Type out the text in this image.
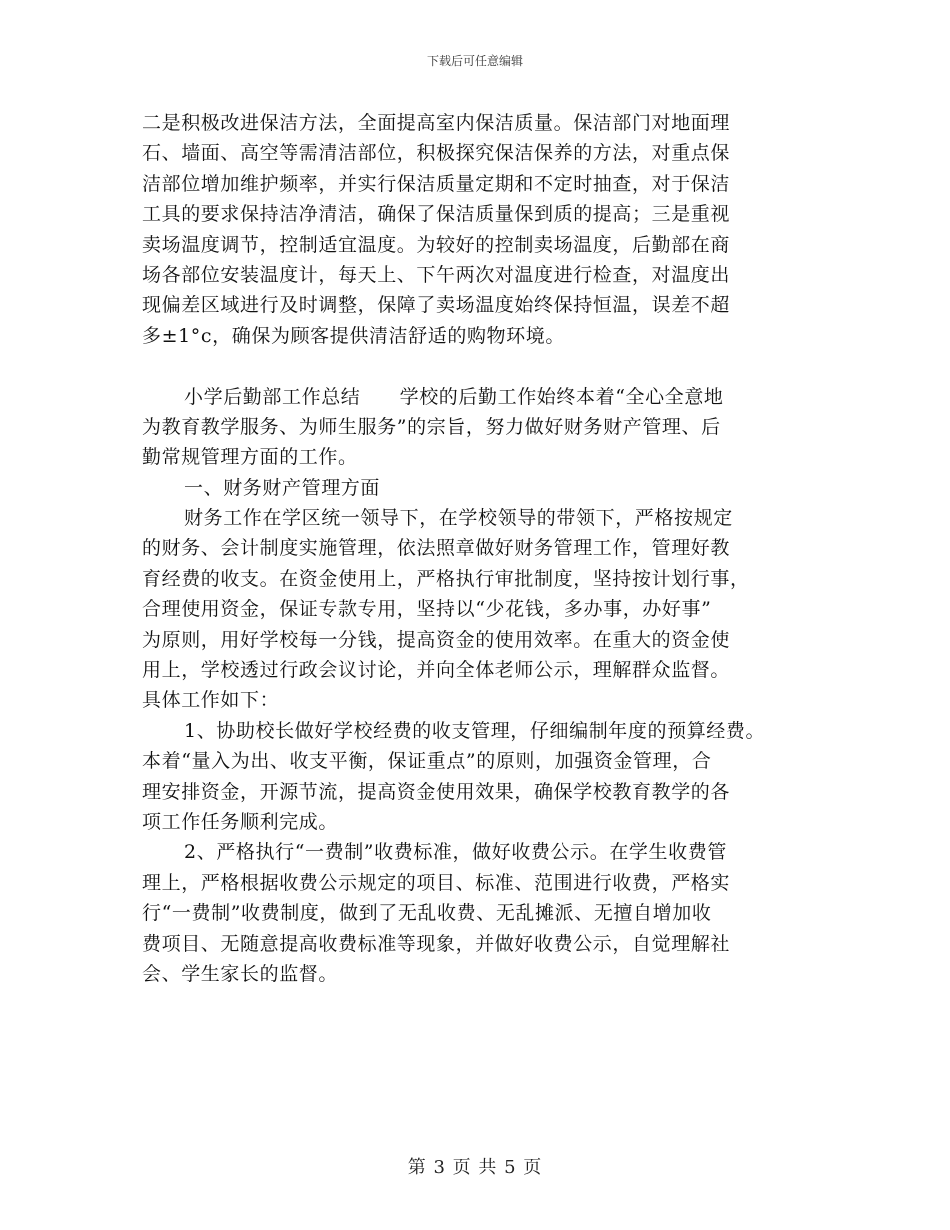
下载后可任意编辑
二是积极改进保洁方法，全面提高室内保洁质量。保洁部门对地面理
石、墙面、高空等需清洁部位，积极探究保洁保养的方法，对重点保
洁部位增加维护频率，并实行保洁质量定期和不定时抽查，对于保洁
工具的要求保持洁净清洁，确保了保洁质量保到质的提高；三是重视
卖场温度调节，控制适宜温度。为较好的控制卖场温度，后勤部在商
场各部位安装温度计，每天上、下午两次对温度进行检查，对温度出
现偏差区域进行及时调整，保障了卖场温度始终保持恒温，误差不超
多±1°c，确保为顾客提供清洁舒适的购物环境。
小学后勤部工作总结　　学校的后勤工作始终本着“全心全意地
为教育教学服务、为师生服务”的宗旨，努力做好财务财产管理、后
勤常规管理方面的工作。
一、财务财产管理方面
财务工作在学区统一领导下，在学校领导的带领下，严格按规定
的财务、会计制度实施管理，依法照章做好财务管理工作，管理好教
育经费的收支。在资金使用上，严格执行审批制度，坚持按计划行事，
合理使用资金，保证专款专用，坚持以“少花钱，多办事，办好事”
为原则，用好学校每一分钱，提高资金的使用效率。在重大的资金使
用上，学校透过行政会议讨论，并向全体老师公示，理解群众监督。
具体工作如下：
1、协助校长做好学校经费的收支管理，仔细编制年度的预算经费。
本着“量入为出、收支平衡，保证重点”的原则，加强资金管理，合
理安排资金，开源节流，提高资金使用效果，确保学校教育教学的各
项工作任务顺利完成。
2、严格执行“一费制”收费标准，做好收费公示。在学生收费管
理上，严格根据收费公示规定的项目、标准、范围进行收费，严格实
行“一费制”收费制度，做到了无乱收费、无乱摊派、无擅自增加收
费项目、无随意提高收费标准等现象，并做好收费公示，自觉理解社
会、学生家长的监督。
第 3 页 共 5 页
